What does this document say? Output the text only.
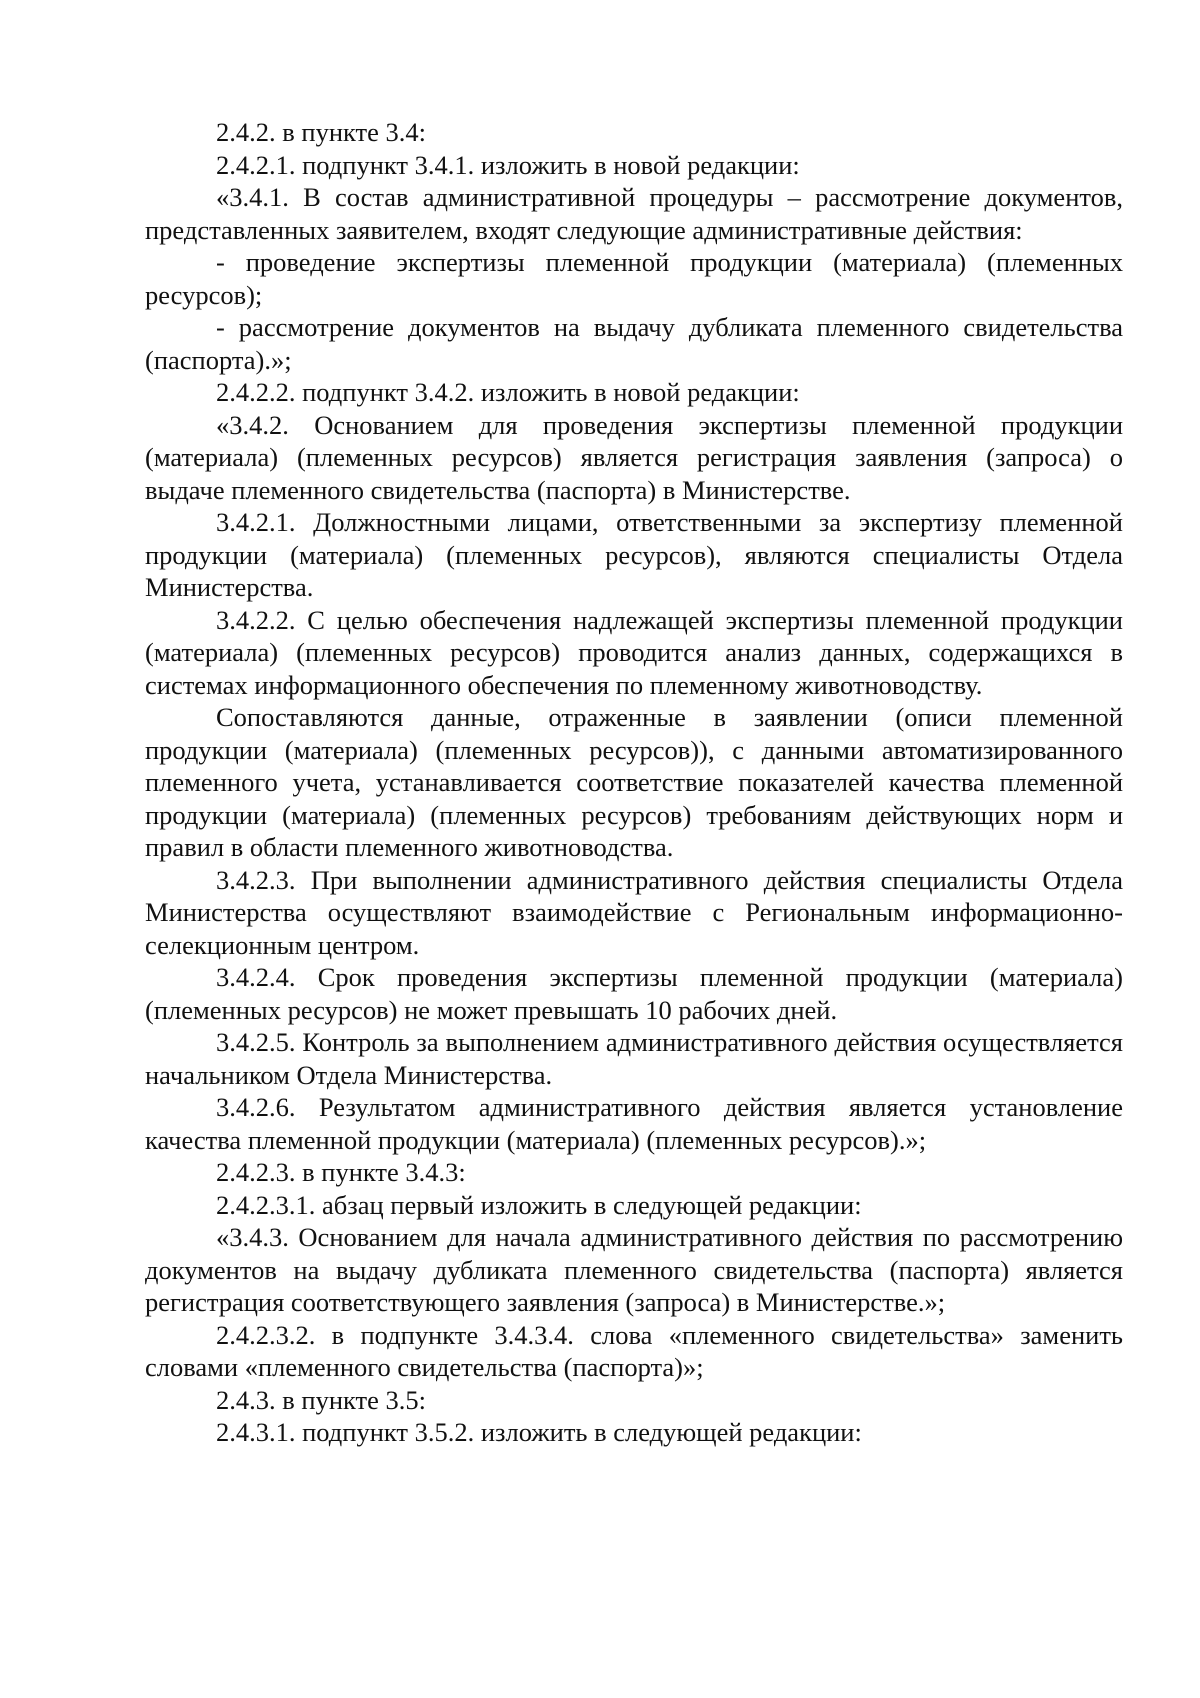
2.4.2. в пункте 3.4:

2.4.2.1. подпункт 3.4.1. изложить в новой редакции:

«3.4.1. В состав административной процедуры – рассмотрение документов, представленных заявителем, входят следующие административные действия:

- проведение экспертизы племенной продукции (материала) (племенных ресурсов);

- рассмотрение документов на выдачу дубликата племенного свидетельства (паспорта).»;

2.4.2.2. подпункт 3.4.2. изложить в новой редакции:

«3.4.2. Основанием для проведения экспертизы племенной продукции (материала) (племенных ресурсов) является регистрация заявления (запроса) о выдаче племенного свидетельства (паспорта) в Министерстве.

3.4.2.1. Должностными лицами, ответственными за экспертизу племенной продукции (материала) (племенных ресурсов), являются специалисты Отдела Министерства.

3.4.2.2. С целью обеспечения надлежащей экспертизы племенной продукции (материала) (племенных ресурсов) проводится анализ данных, содержащихся в системах информационного обеспечения по племенному животноводству.

Сопоставляются данные, отраженные в заявлении (описи племенной продукции (материала) (племенных ресурсов)), с данными автоматизированного племенного учета, устанавливается соответствие показателей качества племенной продукции (материала) (племенных ресурсов) требованиям действующих норм и правил в области племенного животноводства.

3.4.2.3. При выполнении административного действия специалисты Отдела Министерства осуществляют взаимодействие с Региональным информационно-селекционным центром.

3.4.2.4. Срок проведения экспертизы племенной продукции (материала) (племенных ресурсов) не может превышать 10 рабочих дней.

3.4.2.5. Контроль за выполнением административного действия осуществляется начальником Отдела Министерства.

3.4.2.6. Результатом административного действия является установление качества племенной продукции (материала) (племенных ресурсов).»;

2.4.2.3. в пункте 3.4.3:

2.4.2.3.1. абзац первый изложить в следующей редакции:

«3.4.3. Основанием для начала административного действия по рассмотрению документов на выдачу дубликата племенного свидетельства (паспорта) является регистрация соответствующего заявления (запроса) в Министерстве.»;

2.4.2.3.2. в подпункте 3.4.3.4. слова «племенного свидетельства» заменить словами «племенного свидетельства (паспорта)»;

2.4.3. в пункте 3.5:

2.4.3.1. подпункт 3.5.2. изложить в следующей редакции:
